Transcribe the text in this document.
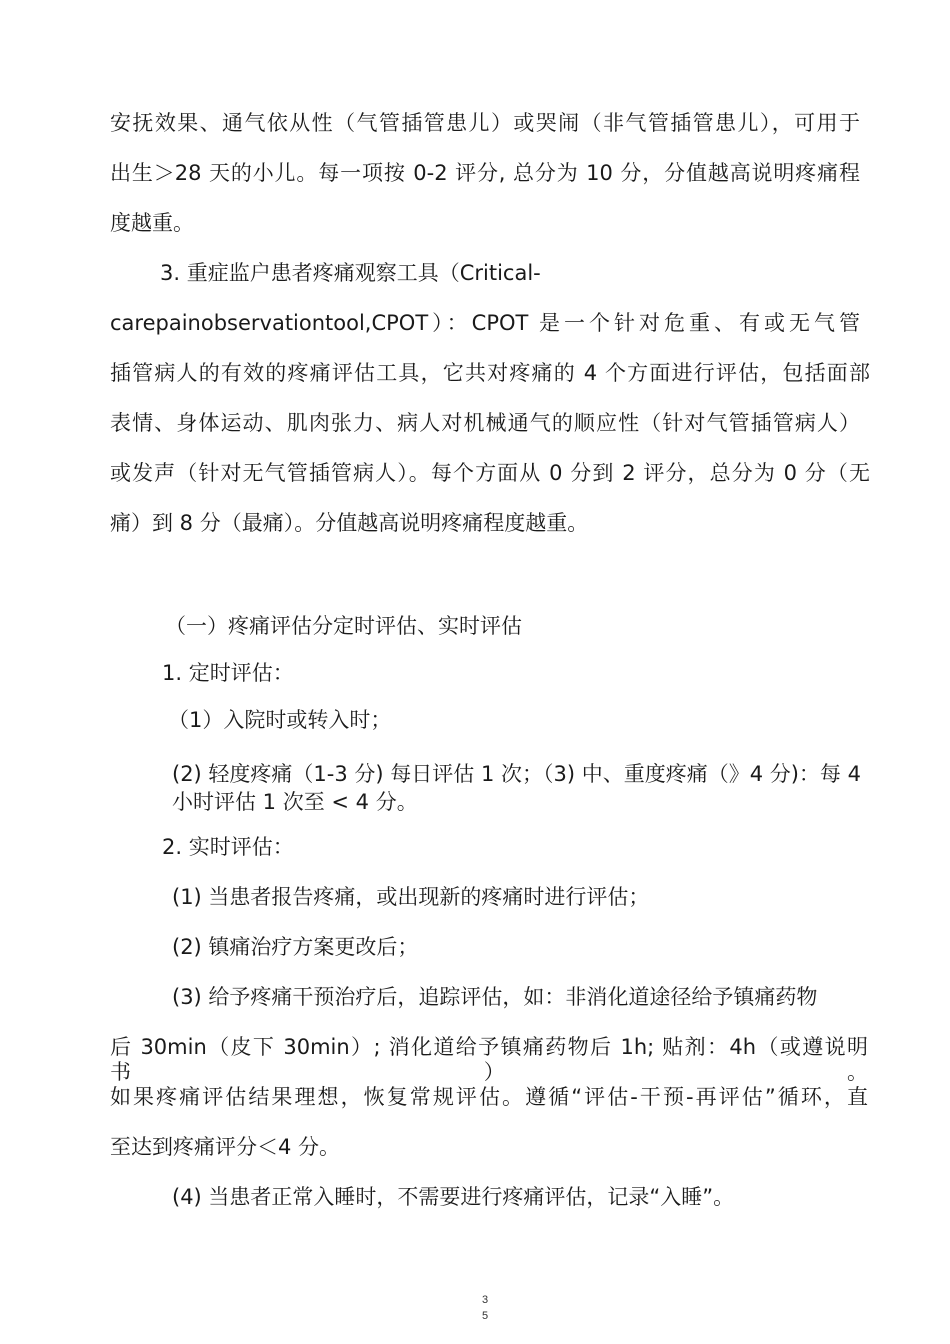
安抚效果、通气依从性（气管插管患儿）或哭闹（非气管插管患儿），可用于

出生＞28 天的小儿。每一项按 0-2 评分, 总分为 10 分，分值越高说明疼痛程

度越重。

3. 重症监户患者疼痛观察工具（Critical-

carepainobservationtool,CPOT）：CPOT 是一个针对危重、有或无气管

插管病人的有效的疼痛评估工具，它共对疼痛的 4 个方面进行评估，包括面部

表情、身体运动、肌肉张力、病人对机械通气的顺应性（针对气管插管病人）

或发声（针对无气管插管病人）。每个方面从 0 分到 2 评分，总分为 0 分（无

痛）到 8 分（最痛）。分值越高说明疼痛程度越重。

（一）疼痛评估分定时评估、实时评估

1. 定时评估：

（1）入院时或转入时；

(2) 轻度疼痛（1-3 分) 每日评估 1 次；（3) 中、重度疼痛（》4 分)：每 4

小时评估 1 次至 < 4 分。

2. 实时评估：

(1) 当患者报告疼痛，或出现新的疼痛时进行评估；

(2) 镇痛治疗方案更改后；

(3) 给予疼痛干预治疗后，追踪评估，如：非消化道途径给予镇痛药物

后 30min（皮下 30min）; 消化道给予镇痛药物后 1h; 贴剂：4h（或遵说明书）。

如果疼痛评估结果理想，恢复常规评估。遵循“评估-干预-再评估”循环，直

至达到疼痛评分＜4 分。

(4) 当患者正常入睡时，不需要进行疼痛评估，记录“入睡”。

3
5
